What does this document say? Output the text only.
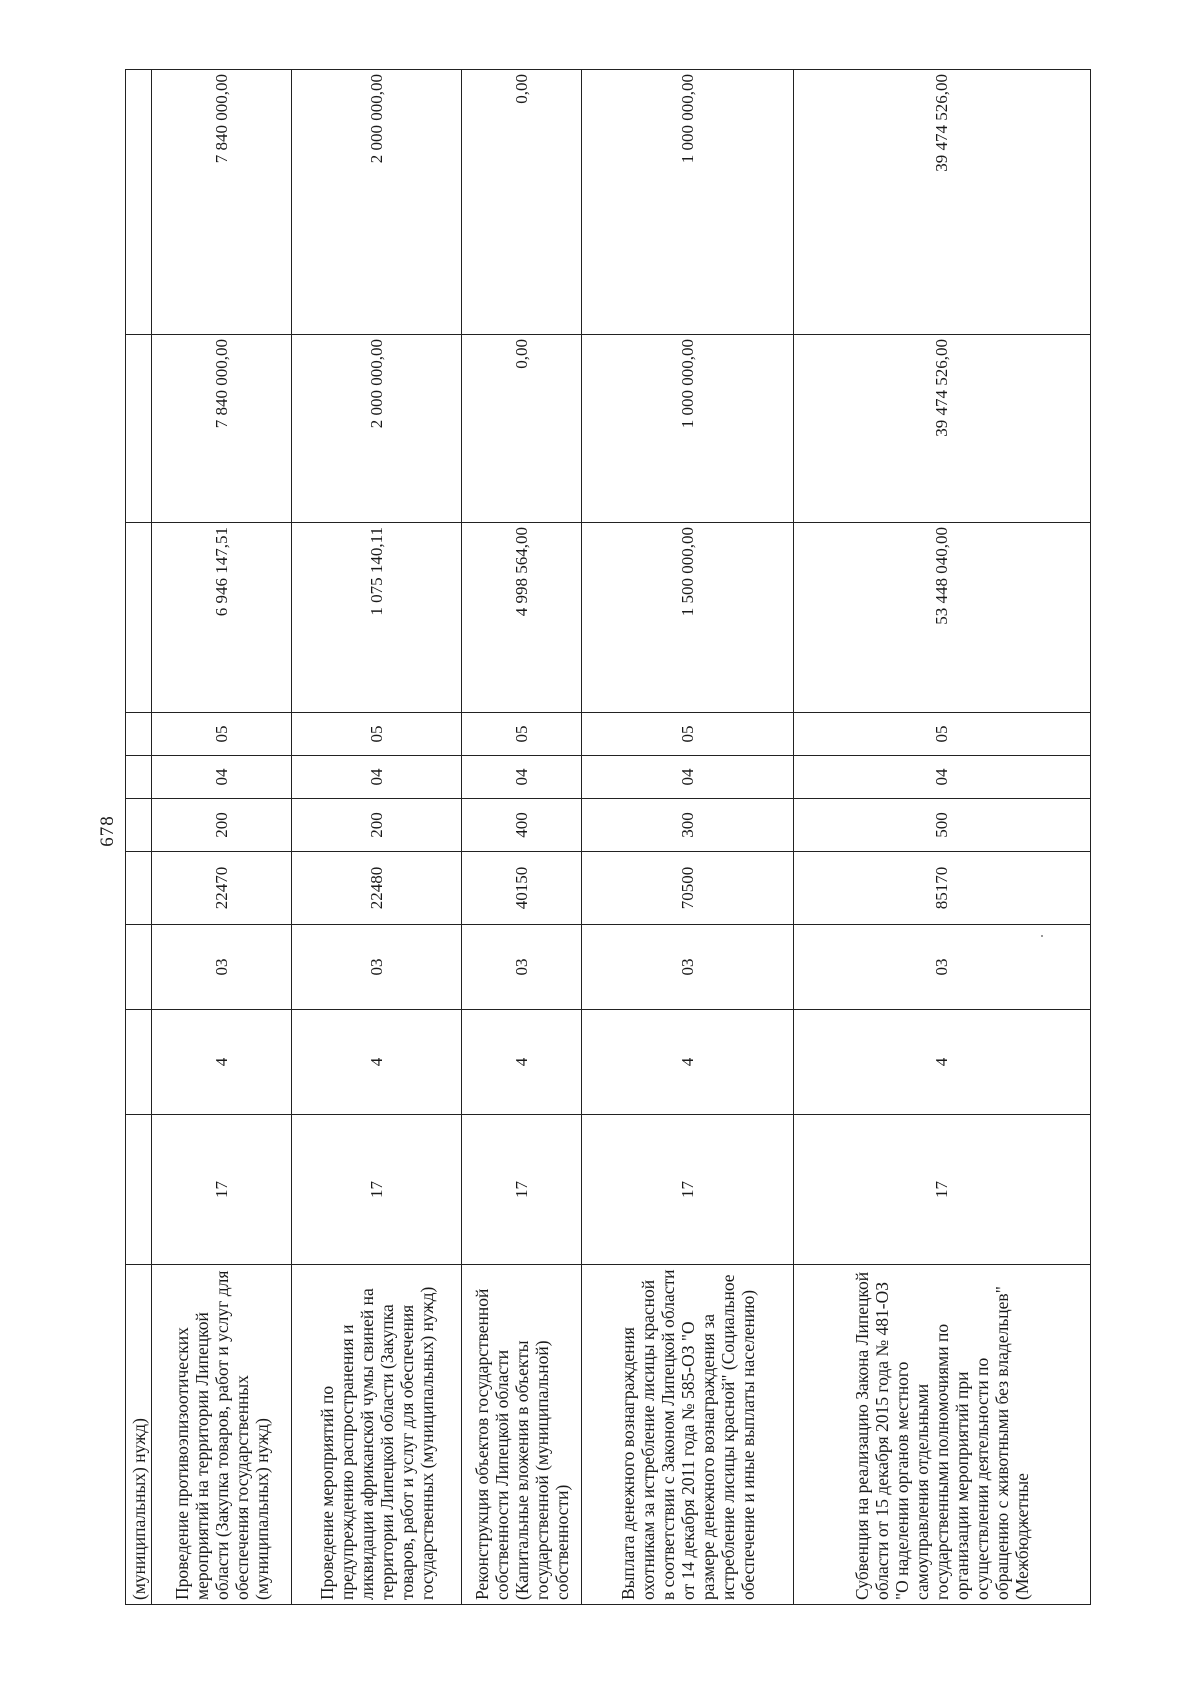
678
(муниципальных) нужд)										
Проведение противоэпизоотических мероприятий на территории Липецкой области (Закупка товаров, работ и услуг для обеспечения государственных (муниципальных) нужд)	17	4	03	22470	200	04	05	6 946 147,51	7 840 000,00	7 840 000,00
Проведение мероприятий по предупреждению распространения и ликвидации африканской чумы свиней на территории Липецкой области (Закупка товаров, работ и услуг для обеспечения государственных (муниципальных) нужд)	17	4	03	22480	200	04	05	1 075 140,11	2 000 000,00	2 000 000,00
Реконструкция объектов государственной собственности Липецкой области (Капитальные вложения в объекты государственной (муниципальной) собственности)	17	4	03	40150	400	04	05	4 998 564,00	0,00	0,00
Выплата денежного вознаграждения охотникам за истребление лисицы красной в соответствии с Законом Липецкой области от 14 декабря 2011 года № 585-ОЗ "О размере денежного вознаграждения за истребление лисицы красной" (Социальное обеспечение и иные выплаты населению)	17	4	03	70500	300	04	05	1 500 000,00	1 000 000,00	1 000 000,00
Субвенция на реализацию Закона Липецкой области от 15 декабря 2015 года № 481-ОЗ "О наделении органов местного самоуправления отдельными государственными полномочиями по организации мероприятий при осуществлении деятельности по обращению с животными без владельцев" (Межбюджетные	17	4	03	85170	500	04	05	53 448 040,00	39 474 526,00	39 474 526,00
